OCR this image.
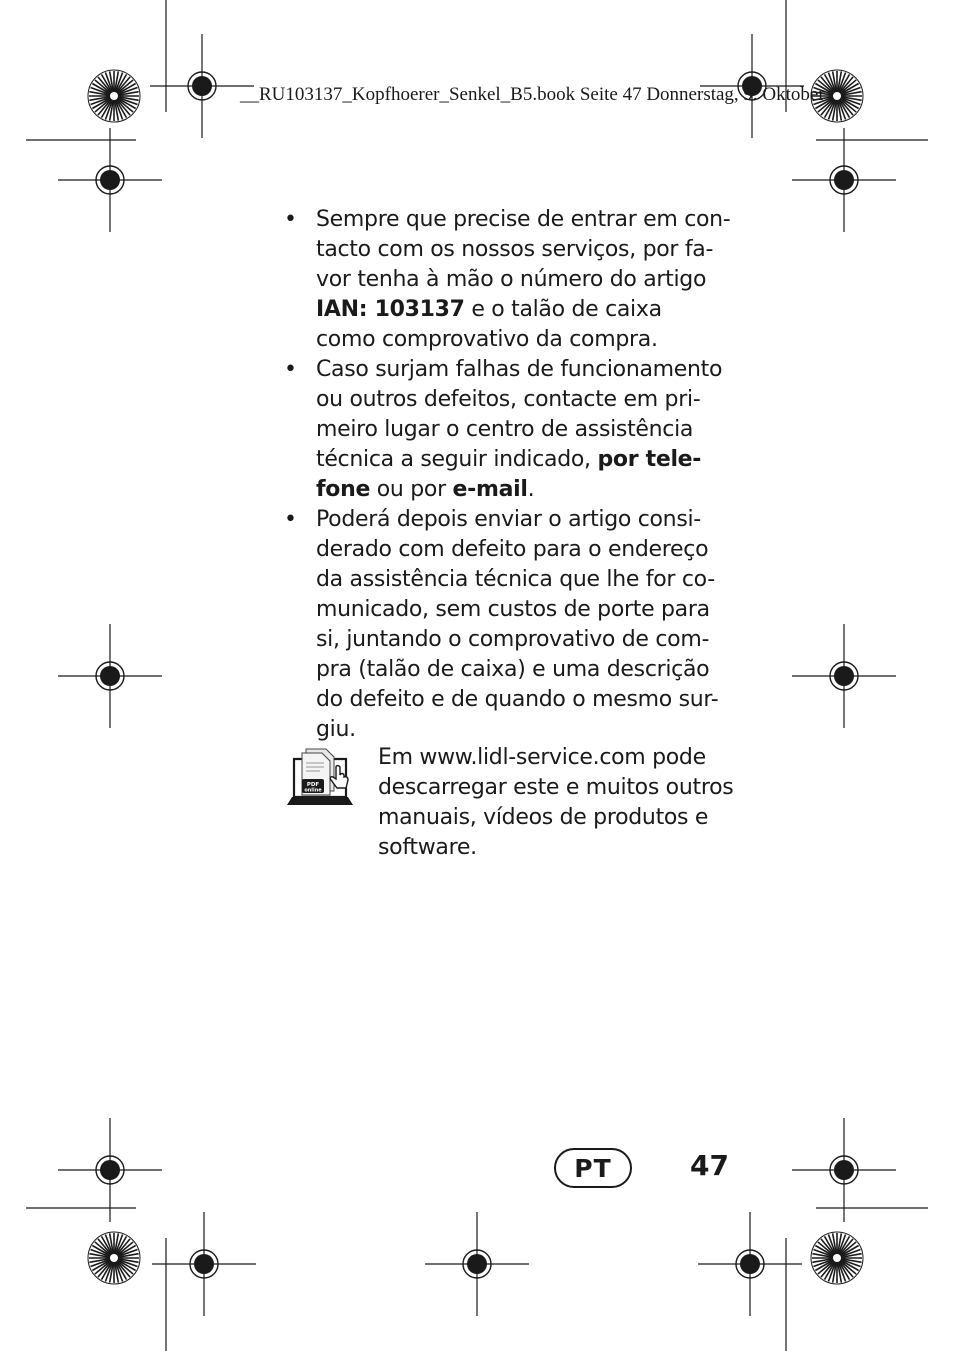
__RU103137_Kopfhoerer_Senkel_B5.book Seite 47 Donnerstag, 9. Oktober
• Sempre que precise de entrar em con-
tacto com os nossos serviços, por fa-
vor tenha à mão o número do artigo
IAN: 103137 e o talão de caixa
como comprovativo da compra.
• Caso surjam falhas de funcionamento
ou outros defeitos, contacte em pri-
meiro lugar o centro de assistência
técnica a seguir indicado, por tele-
fone ou por e-mail.
• Poderá depois enviar o artigo consi-
derado com defeito para o endereço
da assistência técnica que lhe for co-
municado, sem custos de porte para
si, juntando o comprovativo de com-
pra (talão de caixa) e uma descrição
do defeito e de quando o mesmo sur-
giu.
PDF
online
Em www.lidl-service.com pode
descarregar este e muitos outros
manuais, vídeos de produtos e
software.
PT	47
